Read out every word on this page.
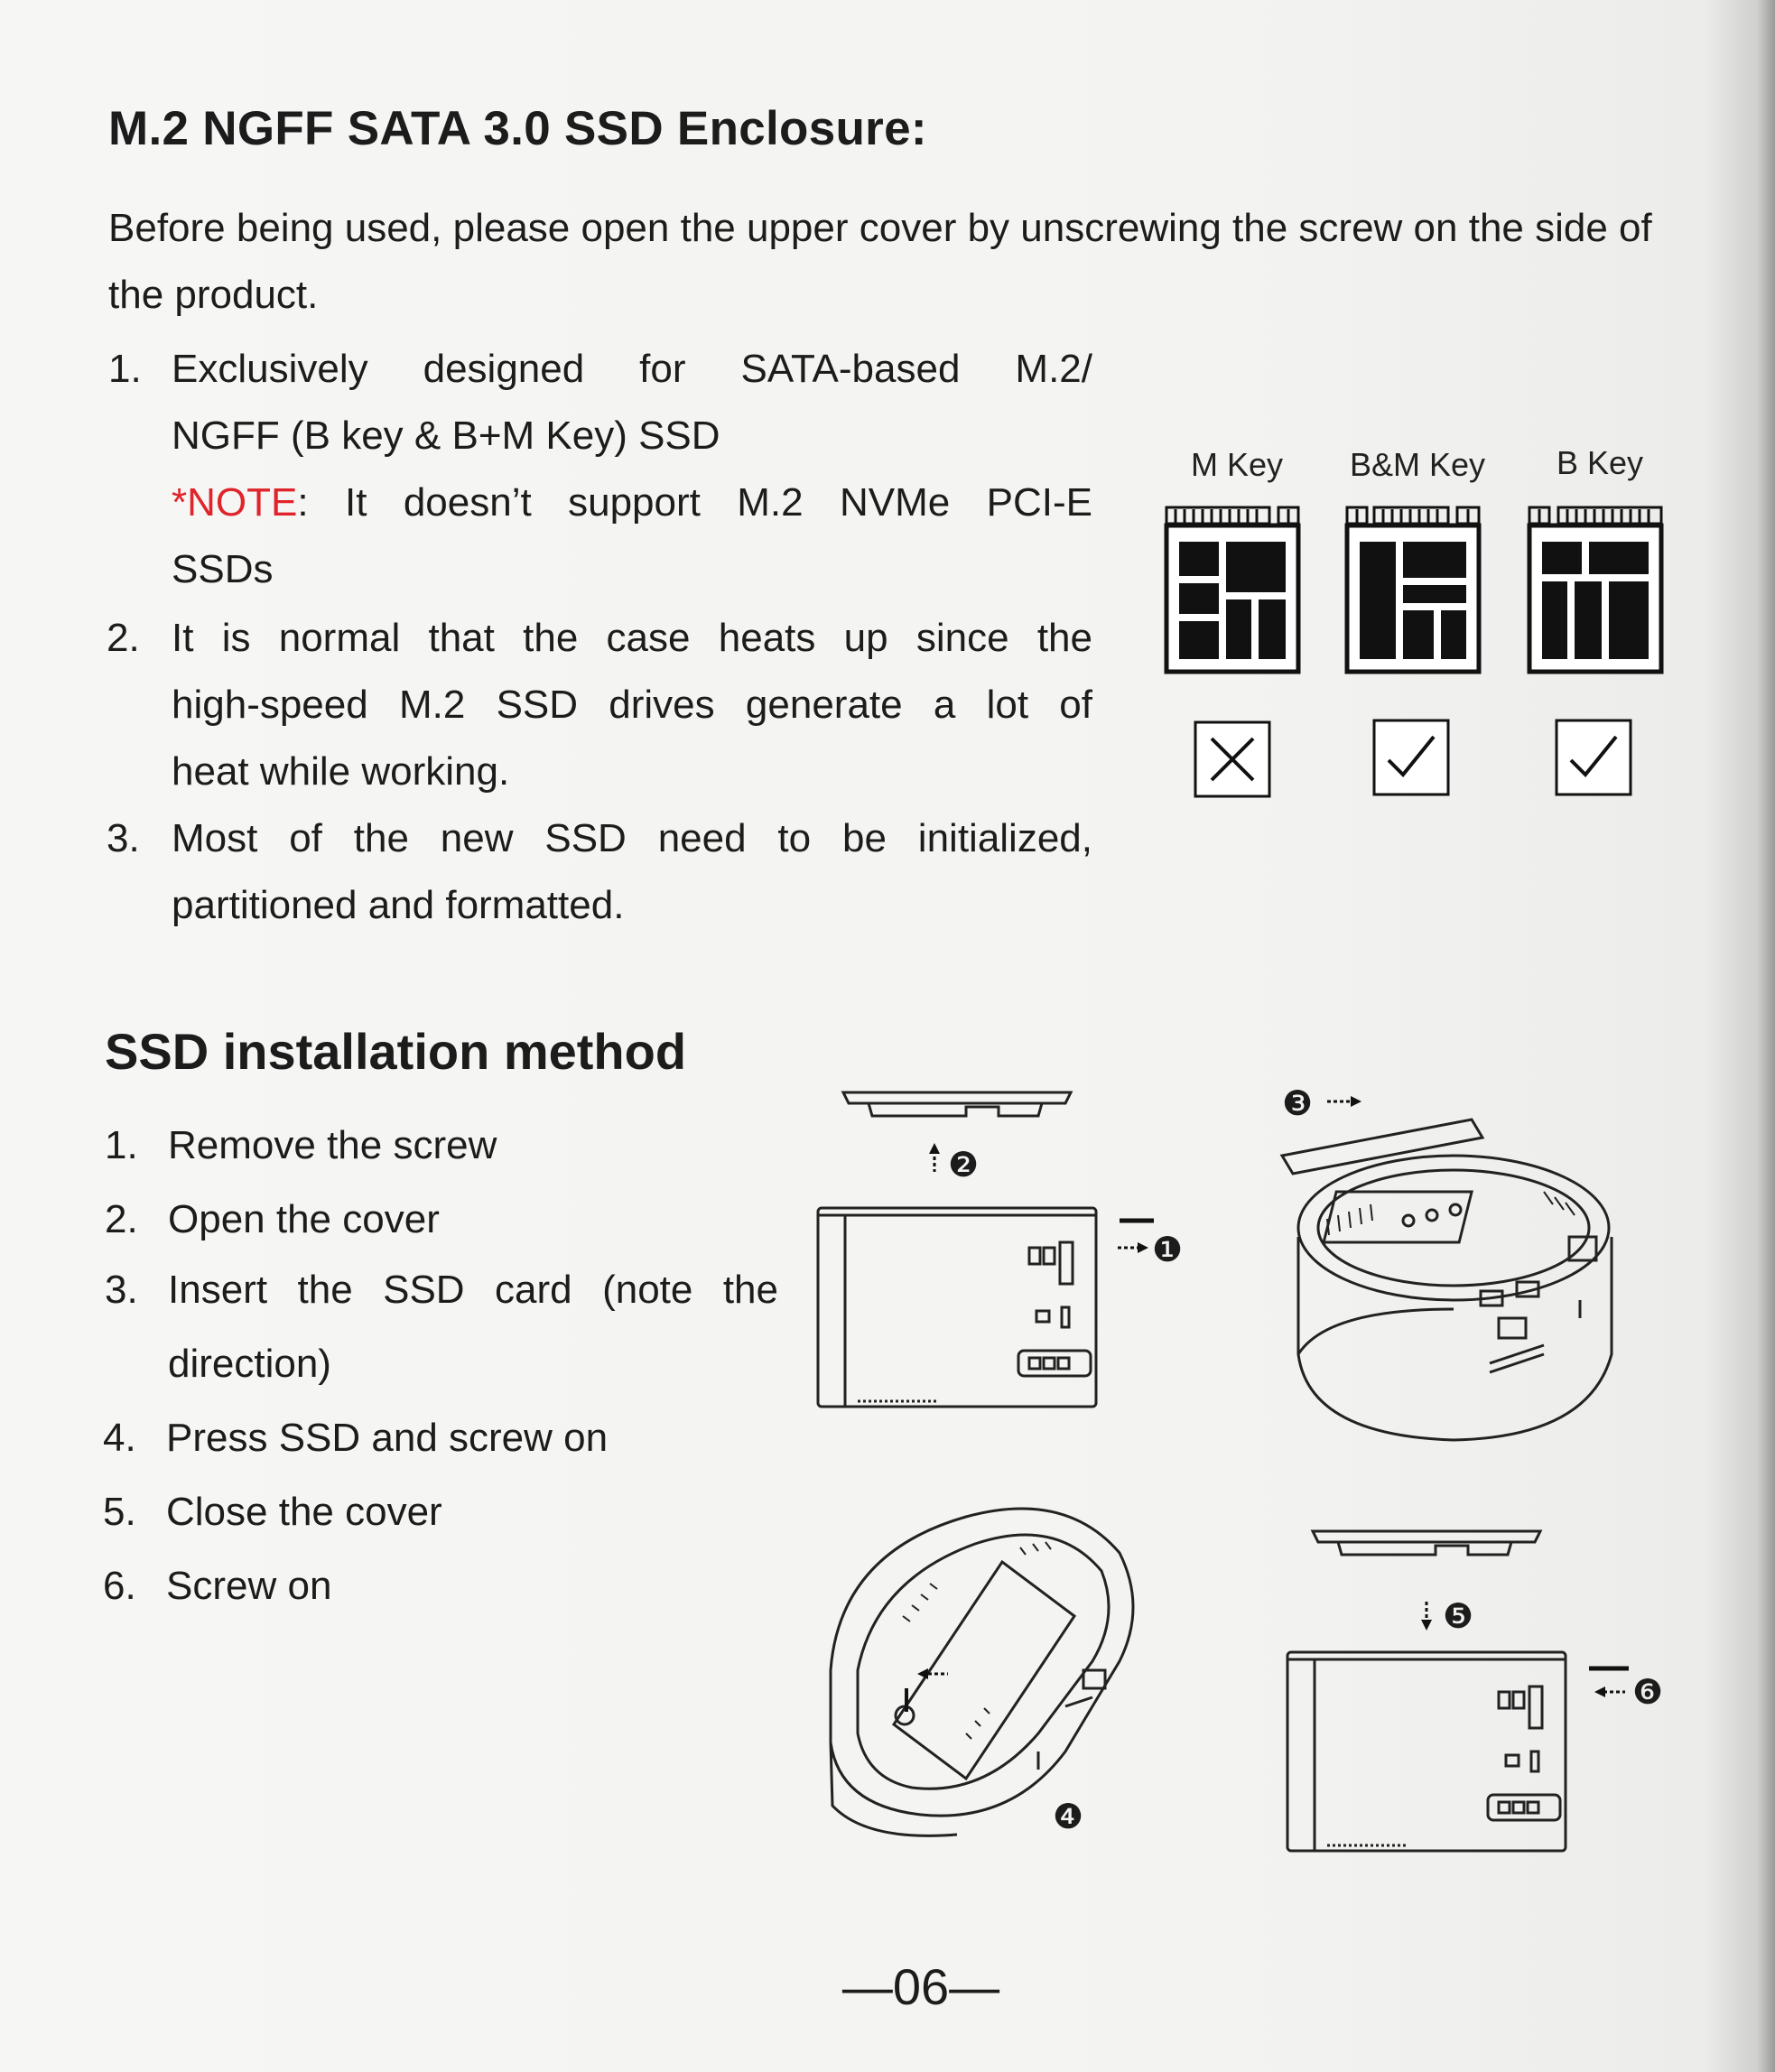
M.2 NGFF SATA 3.0 SSD Enclosure:
Before being used, please open the upper cover by unscrewing the screw on the side of the product.
1. Exclusively designed for SATA-based M.2/
NGFF (B key & B+M Key) SSD
*NOTE: It doesn’t support M.2 NVMe PCI-E
SSDs
2. It is normal that the case heats up since the
high-speed M.2 SSD drives generate a lot of
heat while working.
3. Most of the new SSD need to be initialized,
partitioned and formatted.
M Key	B&M Key	B Key
SSD installation method
1. Remove the screw
2. Open the cover
3. Insert the SSD card (note the
direction)
4. Press SSD and screw on
5. Close the cover
6. Screw on
❷
❶
❸
❹
❺
❻
—06—
